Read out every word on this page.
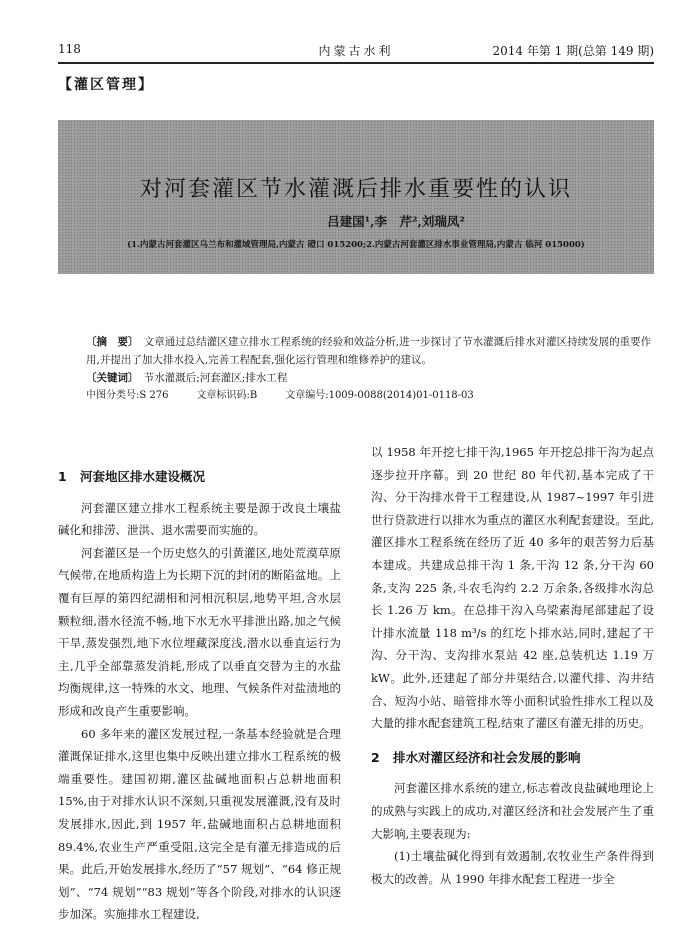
118	内蒙古水利	2014 年第 1 期(总第 149 期)
【灌区管理】
对河套灌区节水灌溉后排水重要性的认识
吕建国¹,李　芹²,刘瑞凤²
(1.内蒙古河套灌区乌兰布和灌域管理局,内蒙古 磴口 015200;2.内蒙古河套灌区排水事业管理局,内蒙古 临河 015000)

〔摘　要〕　 文章通过总结灌区建立排水工程系统的经验和效益分析,进一步探讨了节水灌溉后排水对灌区持续发展的重要作用,并提出了加大排水投入,完善工程配套,强化运行管理和维修养护的建议。

〔关键词〕　 节水灌溉后;河套灌区;排水工程

中图分类号:S 276	文章标识码:B	文章编号:1009-0088(2014)01-0118-03

1 河套地区排水建设概况

河套灌区建立排水工程系统主要是源于改良土壤盐碱化和排涝、泄洪、退水需要而实施的。

河套灌区是一个历史悠久的引黄灌区,地处荒漠草原气候带,在地质构造上为长期下沉的封闭的断陷盆地。上覆有巨厚的第四纪湖相和河相沉积层,地势平坦,含水层颗粒细,潜水径流不畅,地下水无水平排泄出路,加之气候干旱,蒸发强烈,地下水位埋藏深度浅,潜水以垂直运行为主,几乎全部靠蒸发消耗,形成了以垂直交替为主的水盐均衡规律,这一特殊的水文、地理、气候条件对盐渍地的形成和改良产生重要影响。

60 多年来的灌区发展过程,一条基本经验就是合理灌溉保证排水,这里也集中反映出建立排水工程系统的极端重要性。建国初期,灌区盐碱地面积占总耕地面积 15%,由于对排水认识不深刻,只重视发展灌溉,没有及时发展排水,因此,到 1957 年,盐碱地面积占总耕地面积 89.4%,农业生产严重受阻,这完全是有灌无排造成的后果。此后,开始发展排水,经历了“57 规划”、“64 修正规划”、“74 规划”“83 规划”等各个阶段,对排水的认识逐步加深。实施排水工程建设,

以 1958 年开挖七排干沟,1965 年开挖总排干沟为起点逐步拉开序幕。到 20 世纪 80 年代初,基本完成了干沟、分干沟排水骨干工程建设,从 1987~1997 年引进世行贷款进行以排水为重点的灌区水利配套建设。至此,灌区排水工程系统在经历了近 40 多年的艰苦努力后基本建成。共建成总排干沟 1 条,干沟 12 条,分干沟 60 条,支沟 225 条,斗农毛沟约 2.2 万余条,各级排水沟总长 1.26 万 km。在总排干沟入乌梁素海尾部建起了设计排水流量 118 m³/s 的红圪卜排水站,同时,建起了干沟、分干沟、支沟排水泵站 42 座,总装机达 1.19 万 kW。此外,还建起了部分井渠结合,以灌代排、沟井结合、短沟小站、暗管排水等小面积试验性排水工程以及大量的排水配套建筑工程,结束了灌区有灌无排的历史。

2 排水对灌区经济和社会发展的影响

河套灌区排水系统的建立,标志着改良盐碱地理论上的成熟与实践上的成功,对灌区经济和社会发展产生了重大影响,主要表现为:

(1)土壤盐碱化得到有效遏制,农牧业生产条件得到极大的改善。从 1990 年排水配套工程进一步全
